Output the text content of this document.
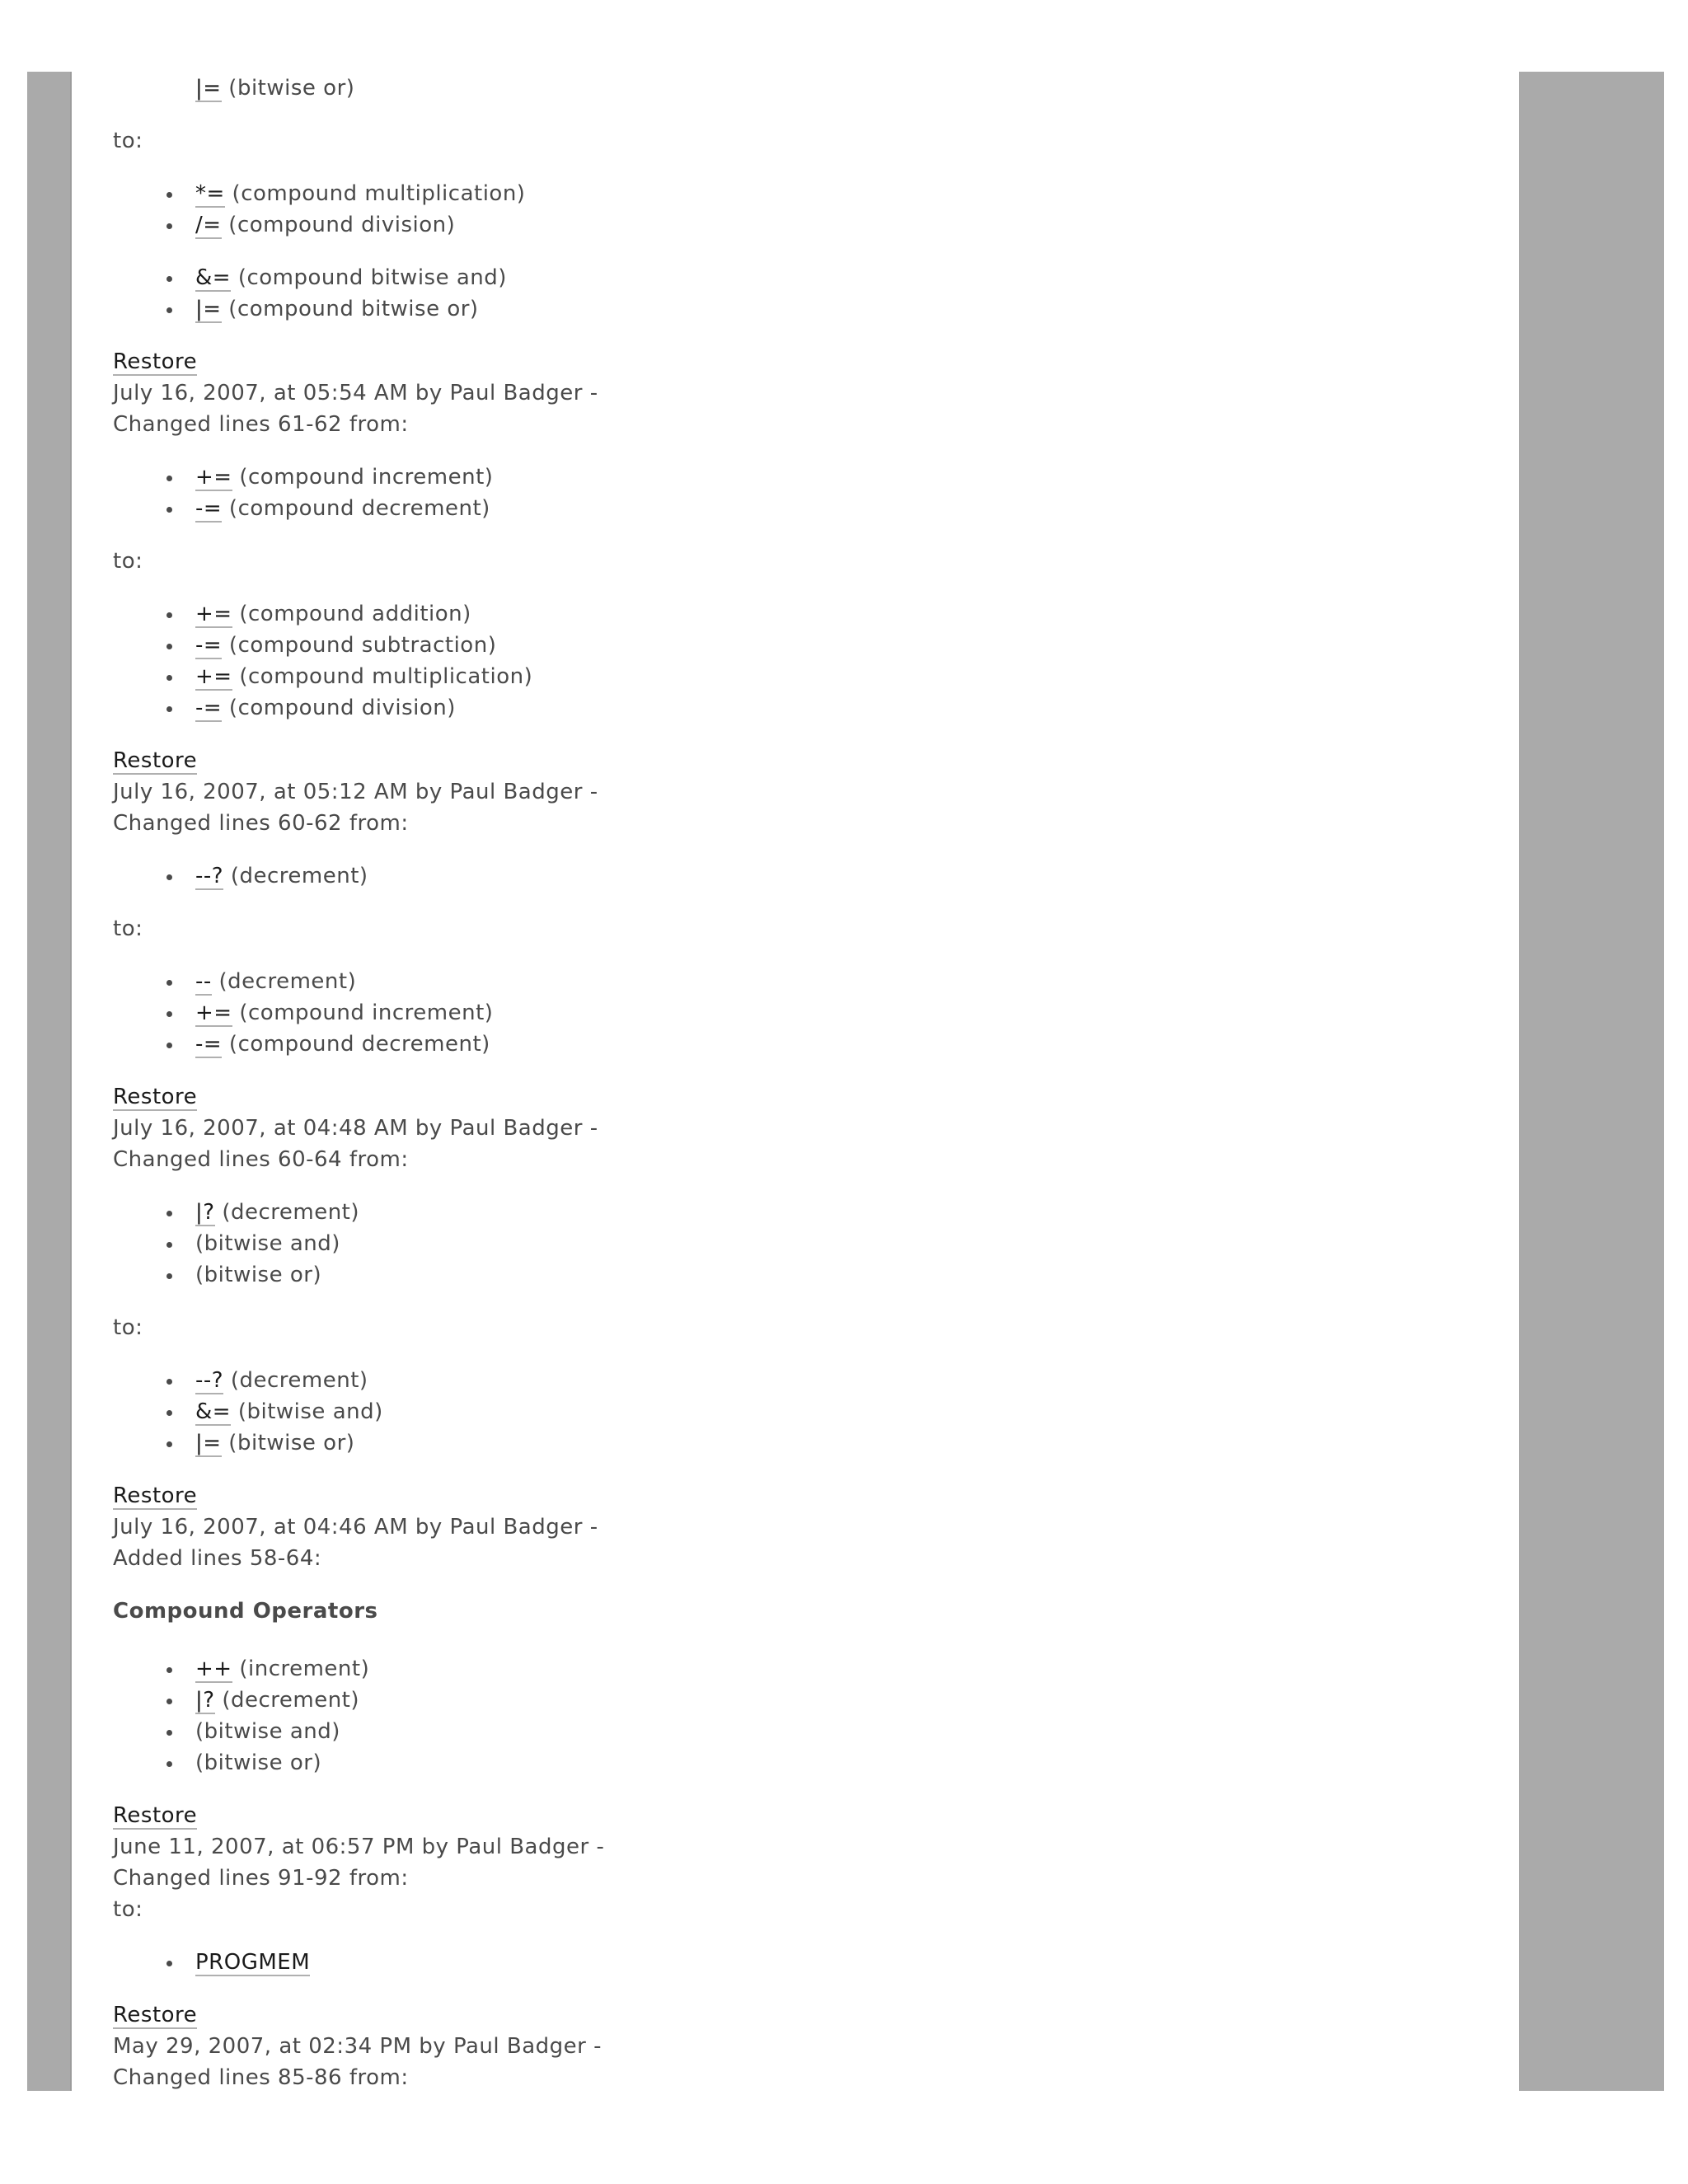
|= (bitwise or)
to:
*= (compound multiplication)
/= (compound division)
&= (compound bitwise and)
|= (compound bitwise or)
Restore
July 16, 2007, at 05:54 AM by Paul Badger -
Changed lines 61-62 from:
+= (compound increment)
-= (compound decrement)
to:
+= (compound addition)
-= (compound subtraction)
+= (compound multiplication)
-= (compound division)
Restore
July 16, 2007, at 05:12 AM by Paul Badger -
Changed lines 60-62 from:
--? (decrement)
to:
-- (decrement)
+= (compound increment)
-= (compound decrement)
Restore
July 16, 2007, at 04:48 AM by Paul Badger -
Changed lines 60-64 from:
|? (decrement)
(bitwise and)
(bitwise or)
to:
--? (decrement)
&= (bitwise and)
|= (bitwise or)
Restore
July 16, 2007, at 04:46 AM by Paul Badger -
Added lines 58-64:
Compound Operators
++ (increment)
|? (decrement)
(bitwise and)
(bitwise or)
Restore
June 11, 2007, at 06:57 PM by Paul Badger -
Changed lines 91-92 from:
to:
PROGMEM
Restore
May 29, 2007, at 02:34 PM by Paul Badger -
Changed lines 85-86 from:
